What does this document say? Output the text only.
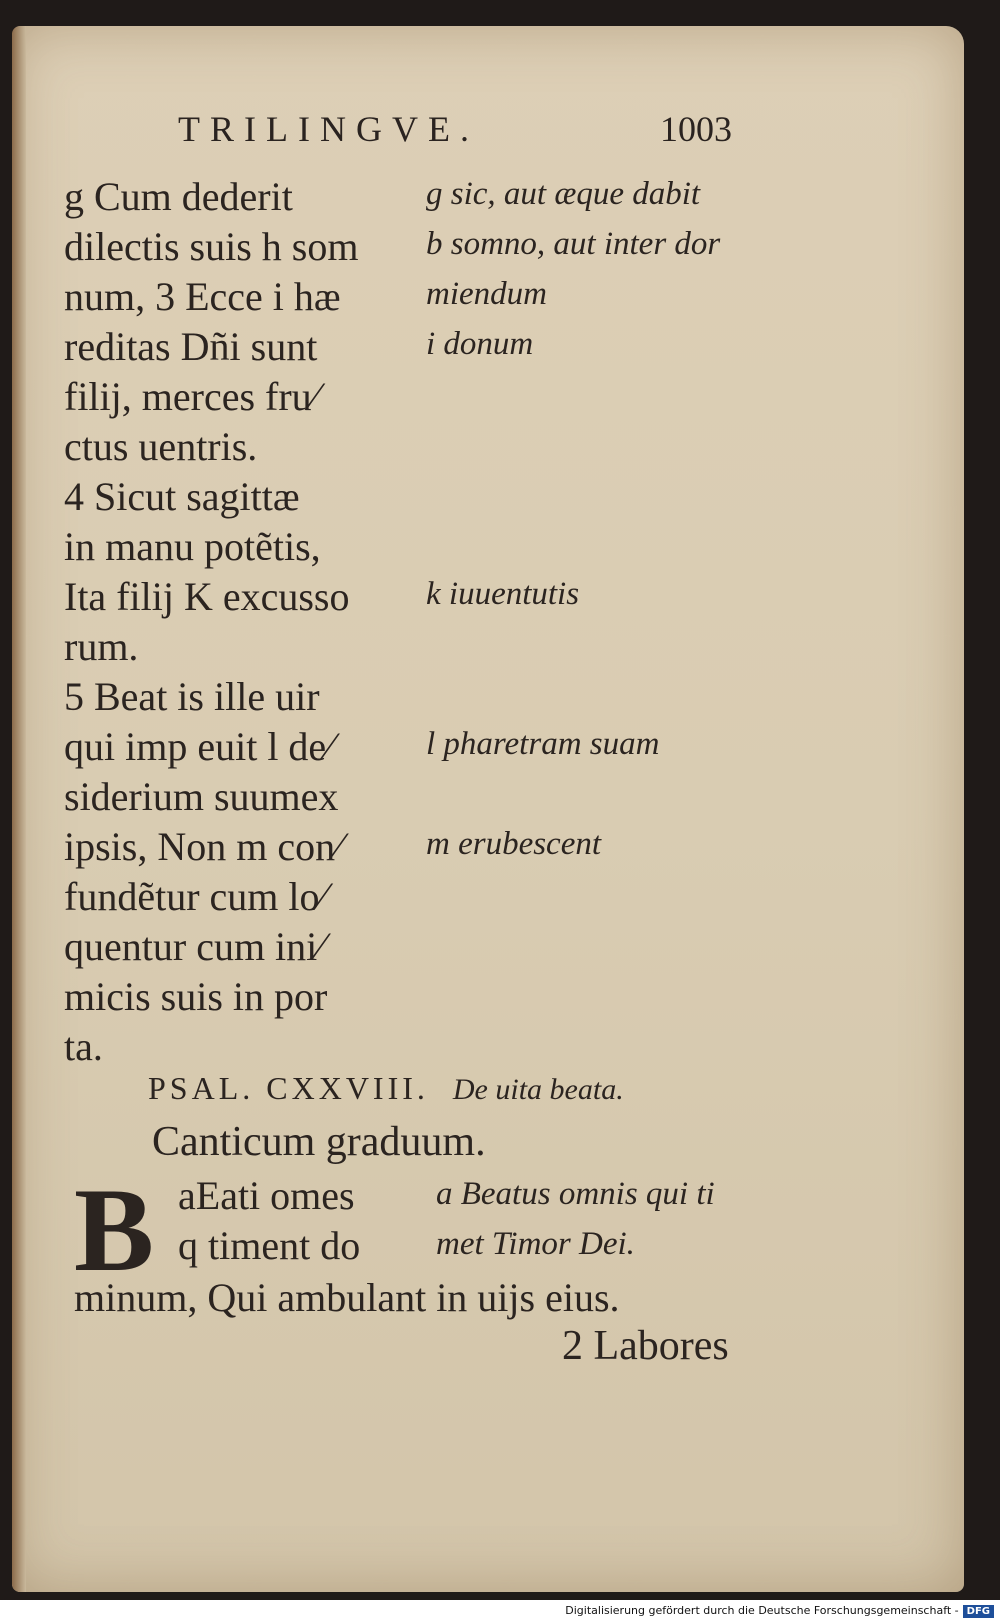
TRILINGVE.	1003
g Cum dederit
dilectis suis h som
num, 3 Ecce i hæ
reditas Dñi sunt
filij, merces fru⁄
ctus uentris.
4 Sicut sagittæ
in manu potẽtis,
Ita filij K excusso
rum.
5 Beat is ille uir
qui imp euit l de⁄
siderium suumex
ipsis, Non m con⁄
fundẽtur cum lo⁄
quentur cum ini⁄
micis suis in por
ta.
g sic, aut æque dabit
b somno, aut inter dor
miendum
i donum
k iuuentutis
l pharetram suam
m erubescent
PSAL. CXXVIII. De uita beata.
Canticum graduum.
B aEati omes
q timent do
a Beatus omnis qui ti
met Timor Dei.
minum, Qui ambulant in uijs eius.
2 Labores
Digitalisierung gefördert durch die Deutsche Forschungsgemeinschaft - DFG
